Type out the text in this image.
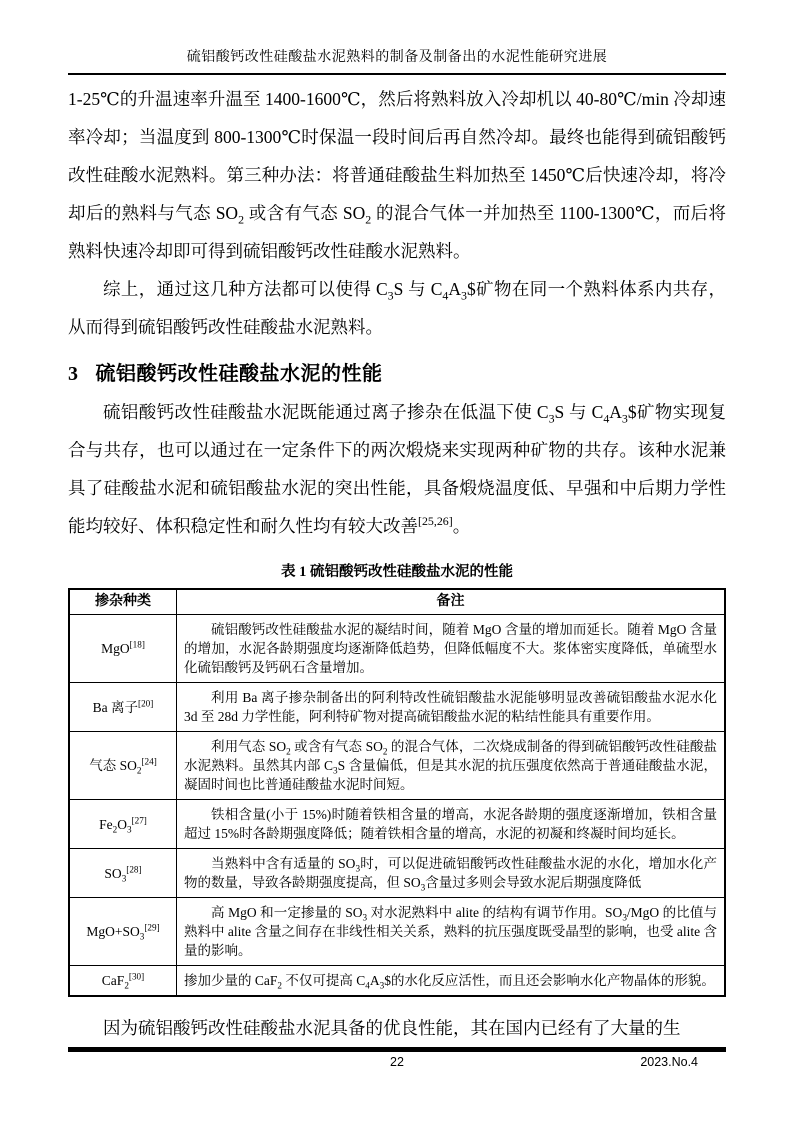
硫铝酸钙改性硅酸盐水泥熟料的制备及制备出的水泥性能研究进展

1-25℃的升温速率升温至 1400-1600℃，然后将熟料放入冷却机以 40-80℃/min 冷却速率冷却；当温度到 800-1300℃时保温一段时间后再自然冷却。最终也能得到硫铝酸钙改性硅酸水泥熟料。第三种办法：将普通硅酸盐生料加热至 1450℃后快速冷却，将冷却后的熟料与气态 $SO_2$ 或含有气态 $SO_2$ 的混合气体一并加热至 1100-1300℃，而后将熟料快速冷却即可得到硫铝酸钙改性硅酸水泥熟料。

综上，通过这几种方法都可以使得 $C_3S$ 与 $C_4A_3\$$矿物在同一个熟料体系内共存，从而得到硫铝酸钙改性硅酸盐水泥熟料。

3 硫铝酸钙改性硅酸盐水泥的性能

硫铝酸钙改性硅酸盐水泥既能通过离子掺杂在低温下使 $C_3S$ 与 $C_4A_3\$$矿物实现复合与共存，也可以通过在一定条件下的两次煅烧来实现两种矿物的共存。该种水泥兼具了硅酸盐水泥和硫铝酸盐水泥的突出性能，具备煅烧温度低、早强和中后期力学性能均较好、体积稳定性和耐久性均有较大改善[25,26]。

表 1 硫铝酸钙改性硅酸盐水泥的性能
掺杂种类	备注
MgO[18]	硫铝酸钙改性硅酸盐水泥的凝结时间，随着 MgO 含量的增加而延长。随着 MgO 含量的增加，水泥各龄期强度均逐渐降低趋势，但降低幅度不大。浆体密实度降低，单硫型水化硫铝酸钙及钙矾石含量增加。
Ba 离子[20]	利用 Ba 离子掺杂制备出的阿利特改性硫铝酸盐水泥能够明显改善硫铝酸盐水泥水化 3d 至 28d 力学性能，阿利特矿物对提高硫铝酸盐水泥的粘结性能具有重要作用。
气态 $SO_2[24]$	利用气态 $SO_2$ 或含有气态 $SO_2$ 的混合气体，二次烧成制备的得到硫铝酸钙改性硅酸盐水泥熟料。虽然其内部 $C_3S$ 含量偏低，但是其水泥的抗压强度依然高于普通硅酸盐水泥，凝固时间也比普通硅酸盐水泥时间短。
$Fe_2O_3[27]$	铁相含量(小于 15%)时随着铁相含量的增高，水泥各龄期的强度逐渐增加，铁相含量超过 15%时各龄期强度降低；随着铁相含量的增高，水泥的初凝和终凝时间均延长。
$SO_3[28]$	当熟料中含有适量的 $SO_3$时，可以促进硫铝酸钙改性硅酸盐水泥的水化，增加水化产物的数量，导致各龄期强度提高，但 $SO_3$含量过多则会导致水泥后期强度降低
$MgO+SO_3[29]$	高 MgO 和一定掺量的 $SO_3$ 对水泥熟料中 alite 的结构有调节作用。$SO_3$/MgO 的比值与熟料中 alite 含量之间存在非线性相关关系，熟料的抗压强度既受晶型的影响，也受 alite 含量的影响。
CaF$_2$[30]	掺加少量的 CaF$_2$ 不仅可提高 $C_4A_3\$$的水化反应活性，而且还会影响水化产物晶体的形貌。

因为硫铝酸钙改性硅酸盐水泥具备的优良性能，其在国内已经有了大量的生

22	2023.No.4
